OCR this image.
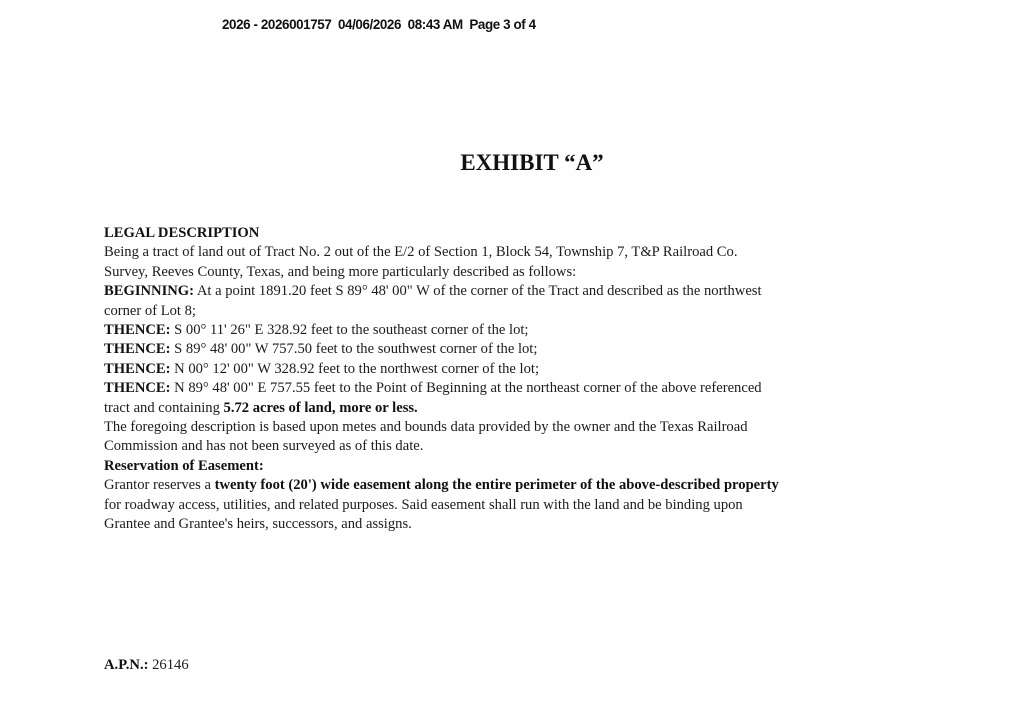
2026 - 2026001757  04/06/2026  08:43 AM  Page 3 of 4
EXHIBIT “A”
LEGAL DESCRIPTION
Being a tract of land out of Tract No. 2 out of the E/2 of Section 1, Block 54, Township 7, T&P Railroad Co.
Survey, Reeves County, Texas, and being more particularly described as follows:
BEGINNING: At a point 1891.20 feet S 89° 48' 00" W of the corner of the Tract and described as the northwest
corner of Lot 8;
THENCE: S 00° 11' 26" E 328.92 feet to the southeast corner of the lot;
THENCE: S 89° 48' 00" W 757.50 feet to the southwest corner of the lot;
THENCE: N 00° 12' 00" W 328.92 feet to the northwest corner of the lot;
THENCE: N 89° 48' 00" E 757.55 feet to the Point of Beginning at the northeast corner of the above referenced
tract and containing 5.72 acres of land, more or less.
The foregoing description is based upon metes and bounds data provided by the owner and the Texas Railroad
Commission and has not been surveyed as of this date.
Reservation of Easement:
Grantor reserves a twenty foot (20') wide easement along the entire perimeter of the above-described property
for roadway access, utilities, and related purposes. Said easement shall run with the land and be binding upon
Grantee and Grantee's heirs, successors, and assigns.
A.P.N.: 26146
